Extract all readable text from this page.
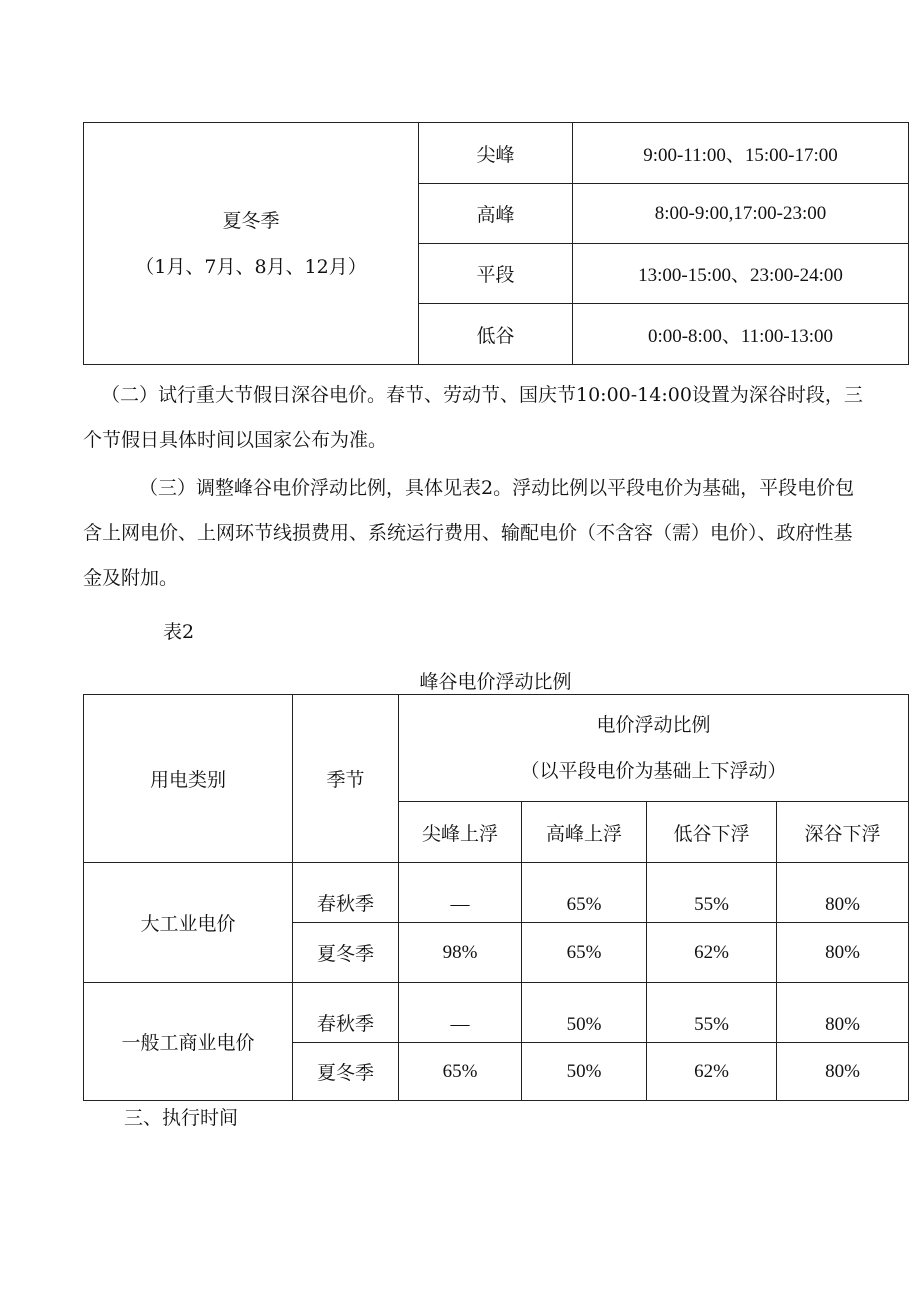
夏冬季
（1月、7月、8月、12月）	尖峰	9:00-11:00、15:00-17:00
	高峰	8:00-9:00,17:00-23:00
	平段	13:00-15:00、23:00-24:00
	低谷	0:00-8:00、11:00-13:00
（二）试行重大节假日深谷电价。春节、劳动节、国庆节10:00-14:00设置为深谷时段，三
个节假日具体时间以国家公布为准。
（三）调整峰谷电价浮动比例，具体见表2。浮动比例以平段电价为基础，平段电价包
含上网电价、上网环节线损费用、系统运行费用、输配电价（不含容（需）电价）、政府性基
金及附加。
表2
峰谷电价浮动比例
用电类别	季节	电价浮动比例
（以平段电价为基础上下浮动）			

		尖峰上浮	高峰上浮	低谷下浮	深谷下浮
大工业电价	春秋季	—	65%	55%	80%
	夏冬季	98%	65%	62%	80%
一般工商业电价	春秋季	—	50%	55%	80%
	夏冬季	65%	50%	62%	80%
三、执行时间
